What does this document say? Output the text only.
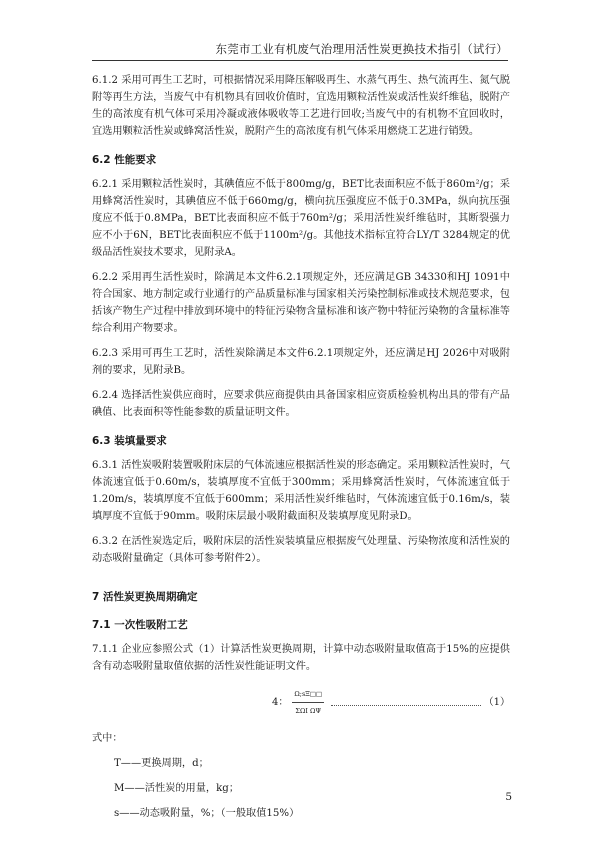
东莞市工业有机废气治理用活性炭更换技术指引（试行）

6.1.2 采用可再生工艺时，可根据情况采用降压解吸再生、水蒸气再生、热气流再生、氮气脱附等再生方法，当废气中有机物具有回收价值时，宜选用颗粒活性炭或活性炭纤维毡，脱附产生的高浓度有机气体可采用冷凝或液体吸收等工艺进行回收;当废气中的有机物不宜回收时，宜选用颗粒活性炭或蜂窝活性炭，脱附产生的高浓度有机气体采用燃烧工艺进行销毁。

6.2 性能要求

6.2.1 采用颗粒活性炭时，其碘值应不低于800mg/g，BET比表面积应不低于860m²/g；采用蜂窝活性炭时，其碘值应不低于660mg/g，横向抗压强度应不低于0.3MPa，纵向抗压强度应不低于0.8MPa，BET比表面积应不低于760m²/g；采用活性炭纤维毡时，其断裂强力应不小于6N，BET比表面积应不低于1100m²/g。其他技术指标宜符合LY/T 3284规定的优级品活性炭技术要求，见附录A。

6.2.2 采用再生活性炭时，除满足本文件6.2.1项规定外，还应满足GB 34330和HJ 1091中符合国家、地方制定或行业通行的产品质量标准与国家相关污染控制标准或技术规范要求，包括该产物生产过程中排放到环境中的特征污染物含量标准和该产物中特征污染物的含量标准等综合利用产物要求。

6.2.3 采用可再生工艺时，活性炭除满足本文件6.2.1项规定外，还应满足HJ 2026中对吸附剂的要求，见附录B。

6.2.4 选择活性炭供应商时，应要求供应商提供由具备国家相应资质检验机构出具的带有产品碘值、比表面积等性能参数的质量证明文件。

6.3 装填量要求

6.3.1 活性炭吸附装置吸附床层的气体流速应根据活性炭的形态确定。采用颗粒活性炭时，气体流速宜低于0.60m/s，装填厚度不宜低于300mm；采用蜂窝活性炭时，气体流速宜低于1.20m/s，装填厚度不宜低于600mm；采用活性炭纤维毡时，气体流速宜低于0.16m/s，装填厚度不宜低于90mm。吸附床层最小吸附截面积及装填厚度见附录D。

6.3.2 在活性炭选定后，吸附床层的活性炭装填量应根据废气处理量、污染物浓度和活性炭的动态吸附量确定（具体可参考附件2）。

7 活性炭更换周期确定

7.1 一次性吸附工艺

7.1.1 企业应参照公式（1）计算活性炭更换周期，计算中动态吸附量取值高于15%的应提供含有动态吸附量取值依据的活性炭性能证明文件。

4： $\frac{\Omega;s\Xi□□}{\text{ΣΩΙ ΩΨ}}$	（1）

式中：

T——更换周期，d；

M——活性炭的用量，kg；

s——动态吸附量，%；（一般取值15%）

5
